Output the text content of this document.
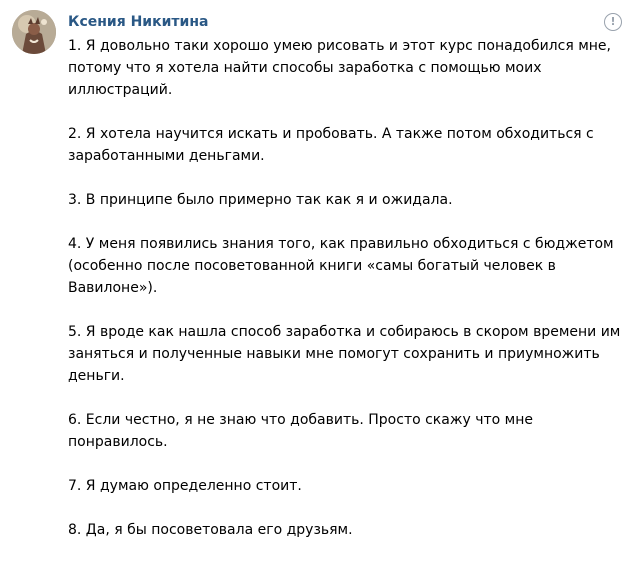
Ксения Никитина	!
1. Я довольно таки хорошо умею рисовать и этот курс понадобился мне,
потому что я хотела найти способы заработка с помощью моих
иллюстраций.
2. Я хотела научится искать и пробовать. А также потом обходиться с
заработанными деньгами.
3. В принципе было примерно так как я и ожидала.
4. У меня появились знания того, как правильно обходиться с бюджетом
(особенно после посоветованной книги «самы богатый человек в
Вавилоне»).
5. Я вроде как нашла способ заработка и собираюсь в скором времени им
заняться и полученные навыки мне помогут сохранить и приумножить
деньги.
6. Если честно, я не знаю что добавить. Просто скажу что мне
понравилось.
7. Я думаю определенно стоит.
8. Да, я бы посоветовала его друзьям.
